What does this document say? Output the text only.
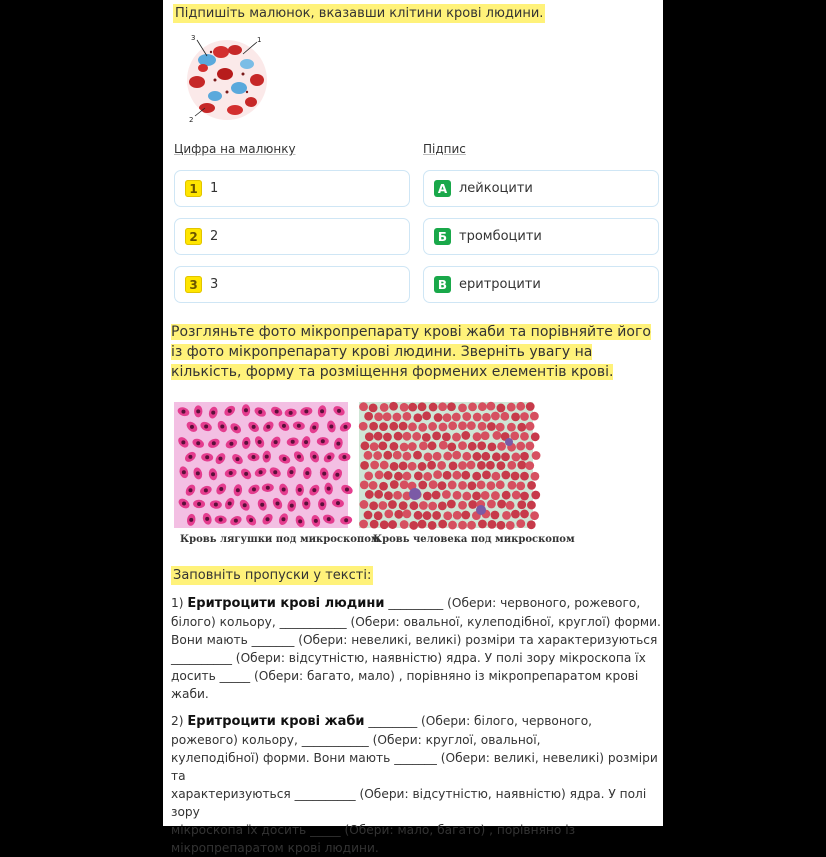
Підпишіть малюнок, вказавши клітини крові людини.
3	1
2
Цифра на малюнку	Підпис
1 1
2 2
3 3
А лейкоцити
Б тромбоцити
В еритроцити
Розгляньте фото мікропрепарату крові жаби та порівняйте його із фото мікропрепарату крові людини. Зверніть увагу на кількість, форму та розміщення формених елементів крові.
Кровь лягушки под микроскопом
Кровь человека под микроскопом
Заповніть пропуски у тексті:
1) Еритроцити крові людини _________ (Обери: червоного, рожевого,
білого) кольору, ___________ (Обери: овальної, кулеподібної, круглої) форми.
Вони мають _______ (Обери: невеликі, великі) розміри та характеризуються
__________ (Обери: відсутністю, наявністю) ядра. У полі зору мікроскопа їх
досить _____ (Обери: багато, мало) , порівняно із мікропрепаратом крові
жаби.
2) Еритроцити крові жаби ________ (Обери: білого, червоного,
рожевого) кольору, ___________ (Обери: круглої, овальної,
кулеподібної) форми. Вони мають _______ (Обери: великі, невеликі) розміри та
характеризуються __________ (Обери: відсутністю, наявністю) ядра. У полі зору
мікроскопа їх досить _____ (Обери: мало, багато) , порівняно із
мікропрепаратом крові людини.
